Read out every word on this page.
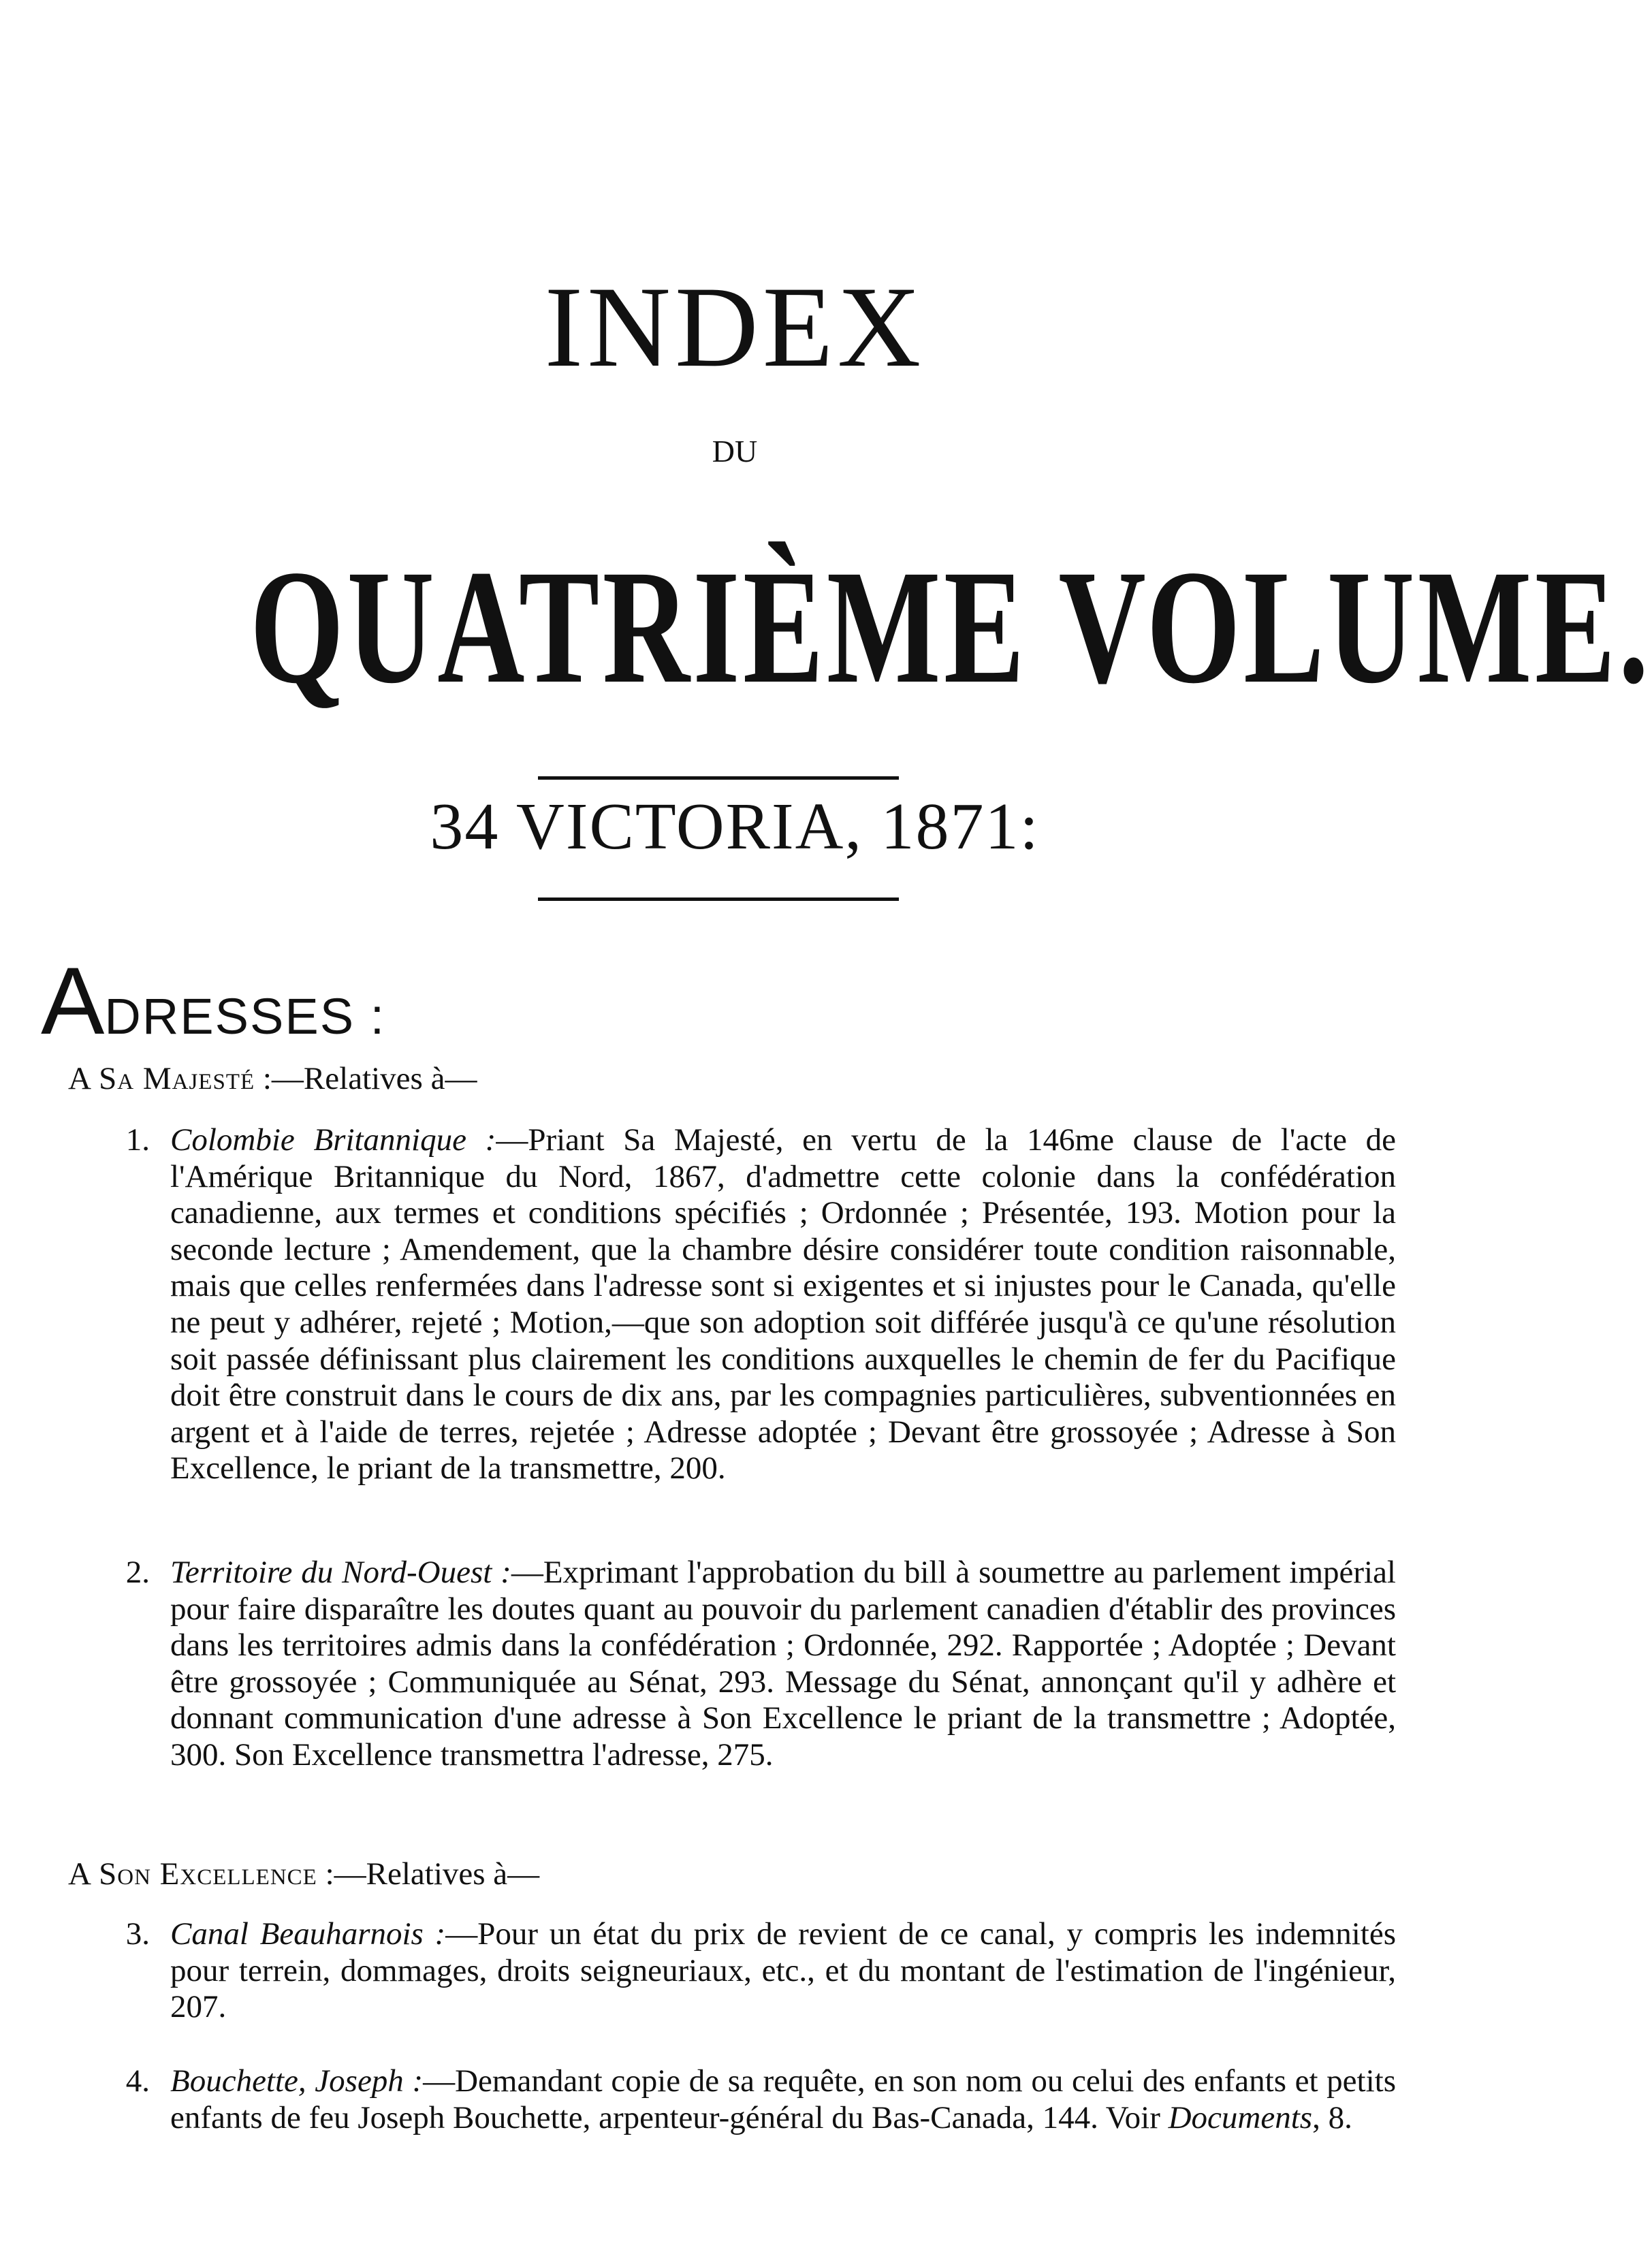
INDEX
DU
QUATRIÈME VOLUME.
34 VICTORIA, 1871:
ADRESSES :
A Sa Majesté :—Relatives à—
1. Colombie Britannique :—Priant Sa Majesté, en vertu de la 146me clause de l'acte de l'Amérique Britannique du Nord, 1867, d'admettre cette colonie dans la confédération canadienne, aux termes et conditions spécifiés ; Ordonnée ; Présentée, 193. Motion pour la seconde lecture ; Amendement, que la chambre désire considérer toute condition raisonnable, mais que celles renfermées dans l'adresse sont si exigentes et si injustes pour le Canada, qu'elle ne peut y adhérer, rejeté ; Motion,—que son adoption soit différée jusqu'à ce qu'une résolution soit passée définissant plus clairement les conditions auxquelles le chemin de fer du Pacifique doit être construit dans le cours de dix ans, par les compagnies particulières, subventionnées en argent et à l'aide de terres, rejetée ; Adresse adoptée ; Devant être grossoyée ; Adresse à Son Excellence, le priant de la transmettre, 200.
2. Territoire du Nord-Ouest :—Exprimant l'approbation du bill à soumettre au parlement impérial pour faire disparaître les doutes quant au pouvoir du parlement canadien d'établir des provinces dans les territoires admis dans la confédération ; Ordonnée, 292. Rapportée ; Adoptée ; Devant être grossoyée ; Communiquée au Sénat, 293. Message du Sénat, annonçant qu'il y adhère et donnant communication d'une adresse à Son Excellence le priant de la transmettre ; Adoptée, 300. Son Excellence transmettra l'adresse, 275.
A Son Excellence :—Relatives à—
3. Canal Beauharnois :—Pour un état du prix de revient de ce canal, y compris les indemnités pour terrein, dommages, droits seigneuriaux, etc., et du montant de l'estimation de l'ingénieur, 207.
4. Bouchette, Joseph :—Demandant copie de sa requête, en son nom ou celui des enfants et petits enfants de feu Joseph Bouchette, arpenteur-général du Bas-Canada, 144. Voir Documents, 8.
